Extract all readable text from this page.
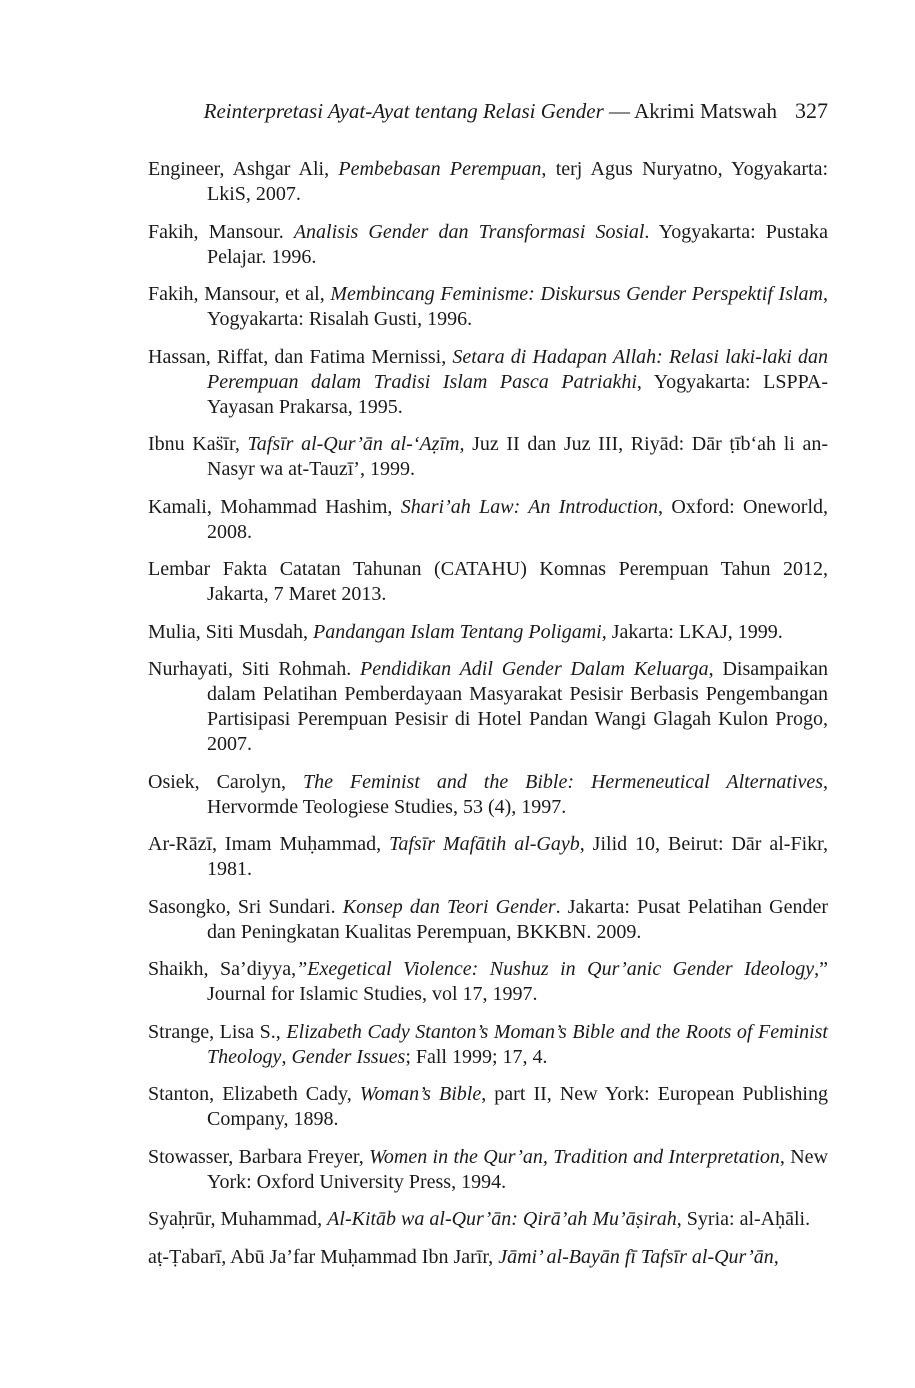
Reinterpretasi Ayat-Ayat tentang Relasi Gender — Akrimi Matswah 327
Engineer, Ashgar Ali, Pembebasan Perempuan, terj Agus Nuryatno, Yogyakarta: LkiS, 2007.
Fakih, Mansour. Analisis Gender dan Transformasi Sosial. Yogyakarta: Pustaka Pelajar. 1996.
Fakih, Mansour, et al, Membincang Feminisme: Diskursus Gender Perspektif Islam, Yogyakarta: Risalah Gusti, 1996.
Hassan, Riffat, dan Fatima Mernissi, Setara di Hadapan Allah: Relasi laki-laki dan Perempuan dalam Tradisi Islam Pasca Patriakhi, Yogyakarta: LSPPA-Yayasan Prakarsa, 1995.
Ibnu Kas̈īr, Tafsīr al-Qur’ān al-‘Aẓīm, Juz II dan Juz III, Riyād: Dār ṭīb‘ah li an-Nasyr wa at-Tauzī’, 1999.
Kamali, Mohammad Hashim, Shari’ah Law: An Introduction, Oxford: Oneworld, 2008.
Lembar Fakta Catatan Tahunan (CATAHU) Komnas Perempuan Tahun 2012, Jakarta, 7 Maret 2013.
Mulia, Siti Musdah, Pandangan Islam Tentang Poligami, Jakarta: LKAJ, 1999.
Nurhayati, Siti Rohmah. Pendidikan Adil Gender Dalam Keluarga, Disampaikan dalam Pelatihan Pemberdayaan Masyarakat Pesisir Berbasis Pengembangan Partisipasi Perempuan Pesisir di Hotel Pandan Wangi Glagah Kulon Progo, 2007.
Osiek, Carolyn, The Feminist and the Bible: Hermeneutical Alternatives, Hervormde Teologiese Studies, 53 (4), 1997.
Ar-Rāzī, Imam Muḥammad, Tafsīr Mafātih al-Gayb, Jilid 10, Beirut: Dār al-Fikr, 1981.
Sasongko, Sri Sundari. Konsep dan Teori Gender. Jakarta: Pusat Pelatihan Gender dan Peningkatan Kualitas Perempuan, BKKBN. 2009.
Shaikh, Sa’diyya,”Exegetical Violence: Nushuz in Qur’anic Gender Ideology,” Journal for Islamic Studies, vol 17, 1997.
Strange, Lisa S., Elizabeth Cady Stanton’s Moman’s Bible and the Roots of Feminist Theology, Gender Issues; Fall 1999; 17, 4.
Stanton, Elizabeth Cady, Woman’s Bible, part II, New York: European Publishing Company, 1898.
Stowasser, Barbara Freyer, Women in the Qur’an, Tradition and Interpretation, New York: Oxford University Press, 1994.
Syaḥrūr, Muhammad, Al-Kitāb wa al-Qur’ān: Qirā’ah Mu’āṣirah, Syria: al-Aḥāli.
aṭ-Ṭabarī, Abū Ja’far Muḥammad Ibn Jarīr, Jāmi’ al-Bayān fī Tafsīr al-Qur’ān,
